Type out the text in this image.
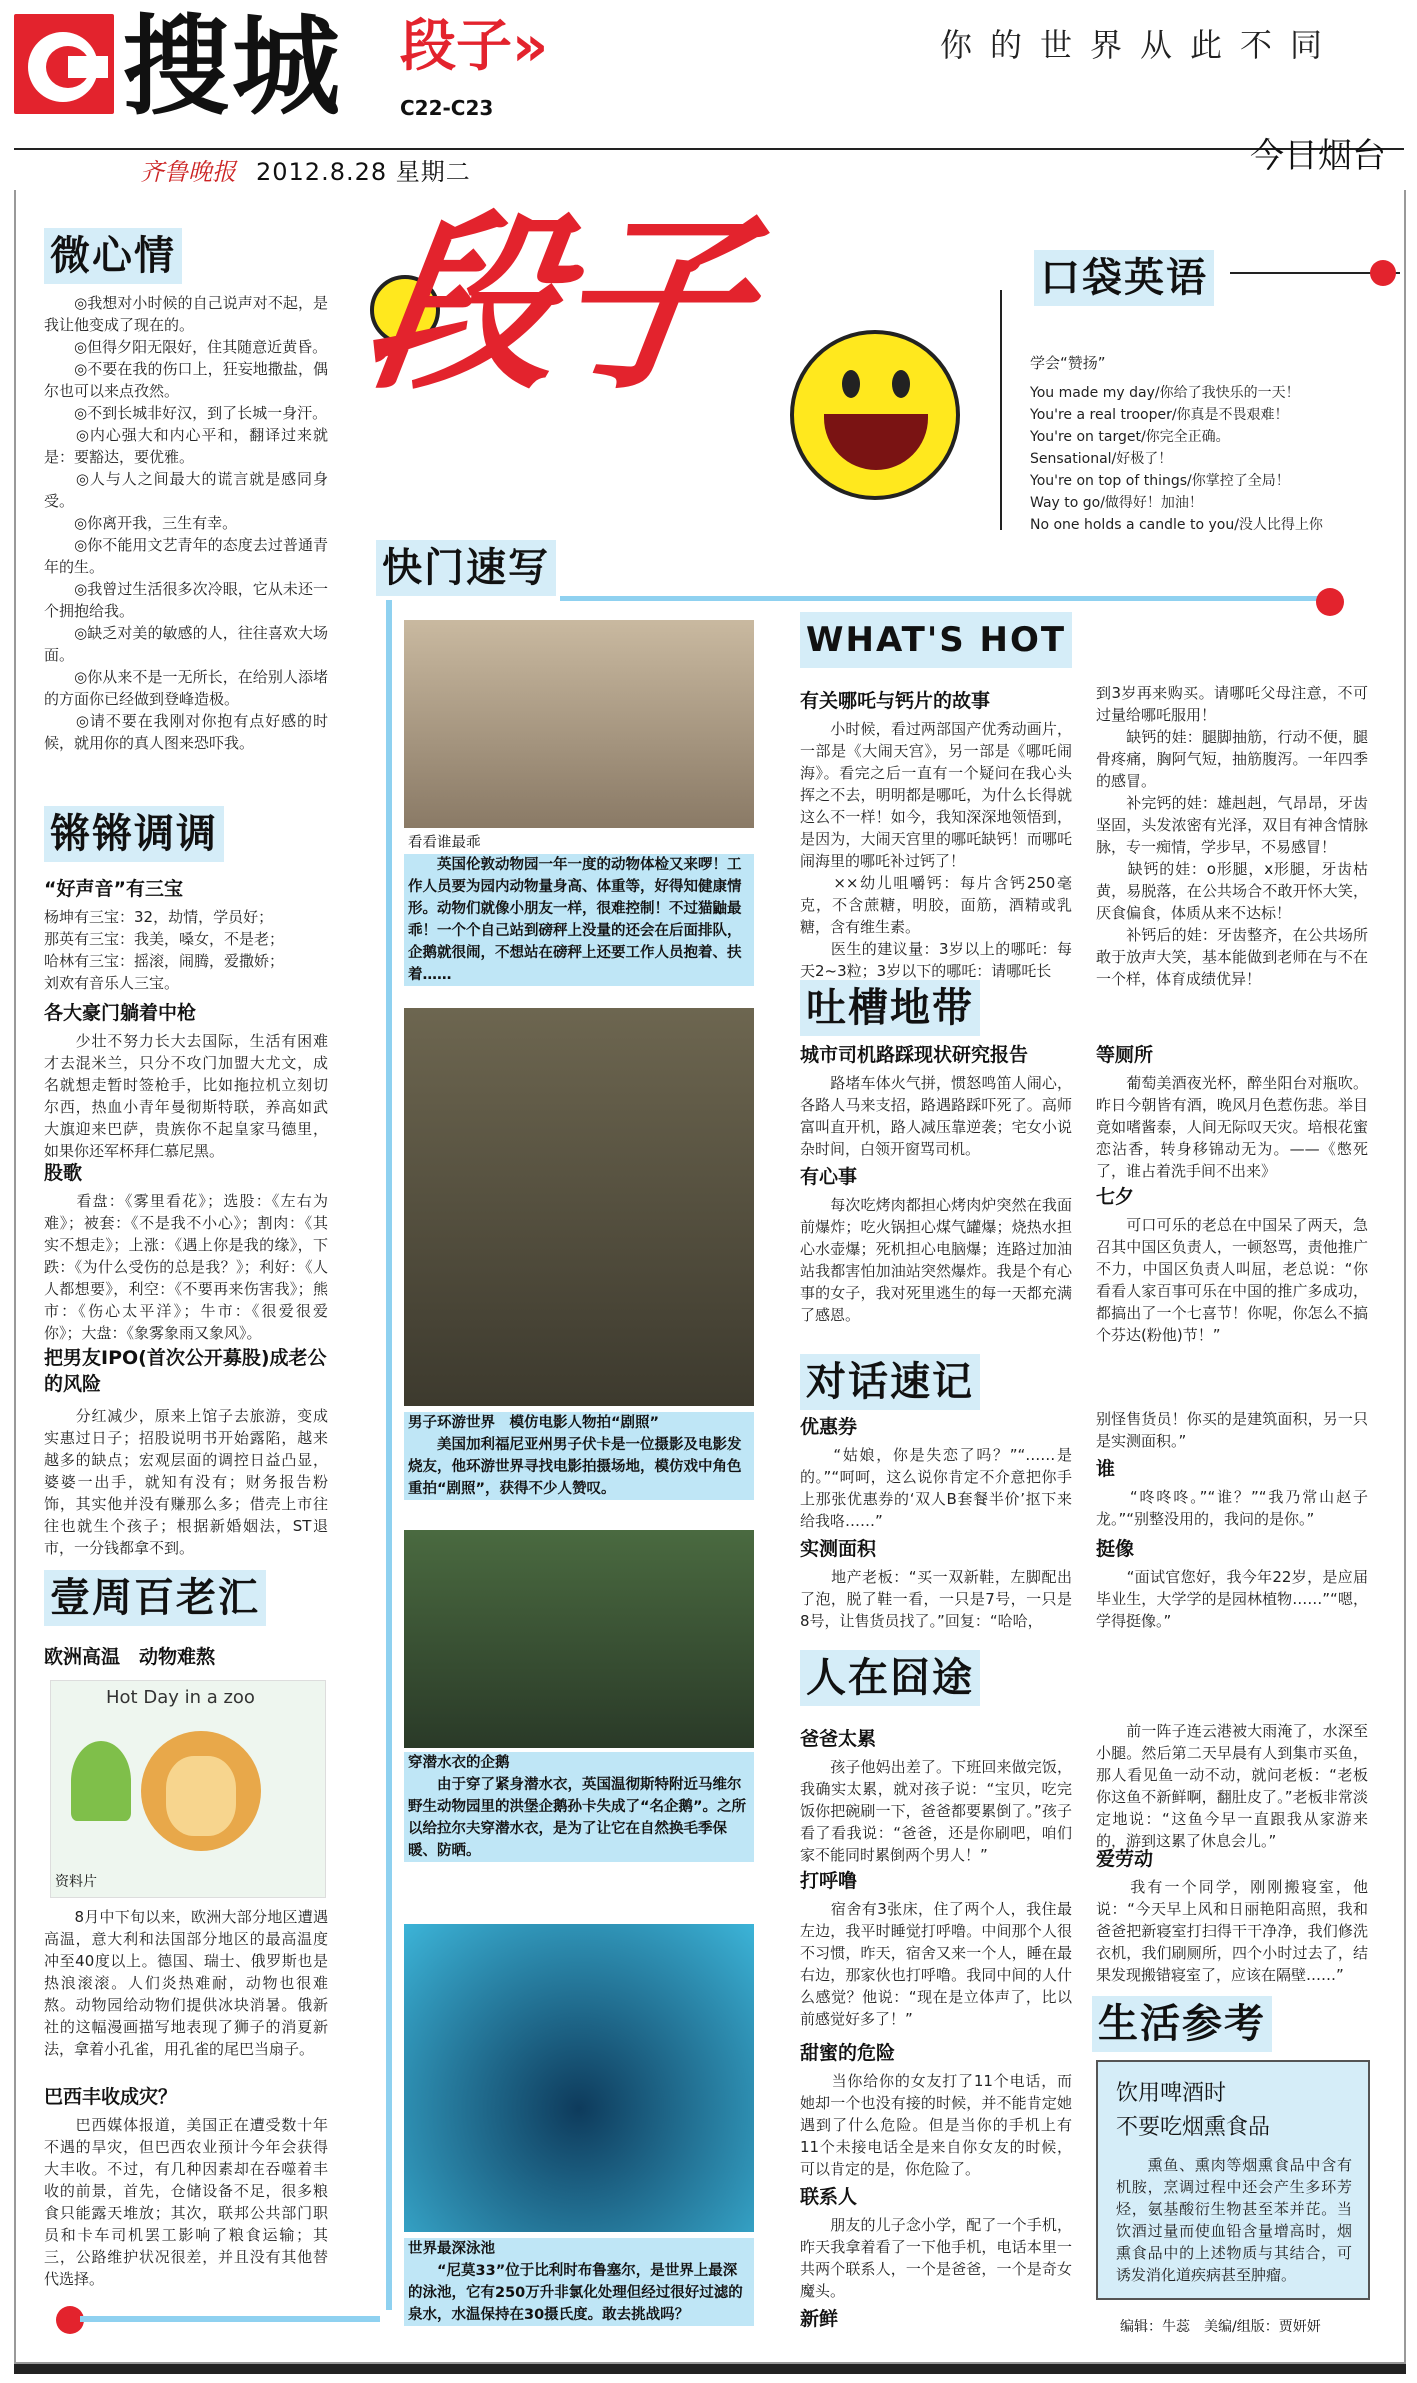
搜城 段子»
C22-C23
你的世界从此不同
齐鲁晚报 2012.8.28 星期二	今日烟台
微心情
　　◎我想对小时候的自己说声对不起，是我让他变成了现在的。
　　◎但得夕阳无限好，住其随意近黄昏。
　　◎不要在我的伤口上，狂妄地撒盐，偶尔也可以来点孜然。
　　◎不到长城非好汉，到了长城一身汗。
　　◎内心强大和内心平和，翻译过来就是：要豁达，要优雅。
　　◎人与人之间最大的谎言就是感同身受。
　　◎你离开我，三生有幸。
　　◎你不能用文艺青年的态度去过普通青年的生。
　　◎我曾过生活很多次冷眼，它从未还一个拥抱给我。
　　◎缺乏对美的敏感的人，往往喜欢大场面。
　　◎你从来不是一无所长，在给别人添堵的方面你已经做到登峰造极。
　　◎请不要在我刚对你抱有点好感的时候，就用你的真人图来恐吓我。
锵锵调调
“好声音”有三宝
杨坤有三宝：32，劫情，学员好；
那英有三宝：我美，嗓女，不是老；
哈林有三宝：摇滚，闹腾，爱撒娇；
刘欢有音乐人三宝。
各大豪门躺着中枪
　　少壮不努力长大去国际，生活有困难才去混米兰，只分不攻门加盟大尤文，成名就想走暂时签枪手，比如拖拉机立刻切尔西，热血小青年曼彻斯特联，养高如武大旗迎来巴萨，贵族你不起皇家马德里，如果你还军杯拜仁慕尼黑。
股歌
　　看盘：《雾里看花》；选股：《左右为难》；被套：《不是我不小心》；割肉：《其实不想走》；上涨：《遇上你是我的缘》，下跌：《为什么受伤的总是我？》；利好：《人人都想要》，利空：《不要再来伤害我》；熊市：《伤心太平洋》；牛市：《很爱很爱你》；大盘：《象雾象雨又象风》。
把男友IPO(首次公开募股)成老公的风险
　　分红减少，原来上馆子去旅游，变成实惠过日子；招股说明书开始露陷，越来越多的缺点；宏观层面的调控日益凸显，婆婆一出手，就知有没有；财务报告粉饰，其实他并没有赚那么多；借壳上市往往也就生个孩子；根据新婚姻法，ST退市，一分钱都拿不到。
壹周百老汇
欧洲高温　动物难熬
Hot Day in a zoo
资料片
　　8月中下旬以来，欧洲大部分地区遭遇高温，意大利和法国部分地区的最高温度冲至40度以上。德国、瑞士、俄罗斯也是热浪滚滚。人们炎热难耐，动物也很难熬。动物园给动物们提供冰块消暑。俄新社的这幅漫画描写地表现了狮子的消夏新法，拿着小孔雀，用孔雀的尾巴当扇子。
巴西丰收成灾？
　　巴西媒体报道，美国正在遭受数十年不遇的旱灾，但巴西农业预计今年会获得大丰收。不过，有几种因素却在吞噬着丰收的前景，首先，仓储设备不足，很多粮食只能露天堆放；其次，联邦公共部门职员和卡车司机罢工影响了粮食运输；其三，公路维护状况很差，并且没有其他替代选择。
段子	口袋英语
学会“赞扬”
You made my day/你给了我快乐的一天！
You're a real trooper/你真是不畏艰难！
You're on target/你完全正确。
Sensational/好极了！
You're on top of things/你掌控了全局！
Way to go/做得好！加油！
No one holds a candle to you/没人比得上你
快门速写
看看谁最乖
　　英国伦敦动物园一年一度的动物体检又来啰！工作人员要为园内动物量身高、体重等，好得知健康情形。动物们就像小朋友一样，很难控制！不过猫鼬最乖！一个个自己站到磅秤上没量的还会在后面排队，企鹅就很闹，不想站在磅秤上还要工作人员抱着、扶着……
男子环游世界　模仿电影人物拍“剧照”
　　美国加利福尼亚州男子伏卡是一位摄影及电影发烧友，他环游世界寻找电影拍摄场地，模仿戏中角色重拍“剧照”，获得不少人赞叹。
穿潜水衣的企鹅
　　由于穿了紧身潜水衣，英国温彻斯特附近马维尔野生动物园里的洪堡企鹅孙卡失成了“名企鹅”。之所以给拉尔夫穿潜水衣，是为了让它在自然换毛季保暖、防晒。
世界最深泳池
　　“尼莫33”位于比利时布鲁塞尔，是世界上最深的泳池，它有250万升非氯化处理但经过很好过滤的泉水，水温保持在30摄氏度。敢去挑战吗？
WHAT'S HOT
有关哪吒与钙片的故事
　　小时候，看过两部国产优秀动画片，一部是《大闹天宫》，另一部是《哪吒闹海》。看完之后一直有一个疑问在我心头挥之不去，明明都是哪吒，为什么长得就这么不一样！如今，我知深深地领悟到，是因为，大闹天宫里的哪吒缺钙！而哪吒闹海里的哪吒补过钙了！
　　××幼儿咀嚼钙：每片含钙250毫克，不含蔗糖，明胶，面筋，酒精或乳糖，含有维生素。
　　医生的建议量：3岁以上的哪吒：每天2~3粒；3岁以下的哪吒：请哪吒长
到3岁再来购买。请哪吒父母注意，不可过量给哪吒服用！
　　缺钙的娃：腿脚抽筋，行动不便，腿骨疼痛，胸阿气短，抽筋腹泻。一年四季的感冒。
　　补完钙的娃：雄赳赳，气昂昂，牙齿坚固，头发浓密有光泽，双目有神含情脉脉，专一痴情，学步早，不易感冒！
　　缺钙的娃：o形腿，x形腿，牙齿枯黄，易脱落，在公共场合不敢开怀大笑，厌食偏食，体质从来不达标！
　　补钙后的娃：牙齿整齐，在公共场所敢于放声大笑，基本能做到老师在与不在一个样，体育成绩优异！
吐槽地带
城市司机路踩现状研究报告
　　路堵车体火气拼，惯怒鸣笛人闹心，各路人马来支招，路遇路踩吓死了。高师富叫直开机，路人减压靠逆袭；宅女小说杂时间，白领开窗骂司机。
有心事
　　每次吃烤肉都担心烤肉炉突然在我面前爆炸；吃火锅担心煤气罐爆；烧热水担心水壶爆；死机担心电脑爆；连路过加油站我都害怕加油站突然爆炸。我是个有心事的女子，我对死里逃生的每一天都充满了感恩。
等厕所
　　葡萄美酒夜光杯，醉坐阳台对瓶吹。昨日今朝皆有酒，晚风月色惹伤悲。举目竟如嗜酱泰，人间无际叹天灾。培根花蜜恋沾香，转身移锦动无为。——《憋死了，谁占着洗手间不出来》
七夕
　　可口可乐的老总在中国呆了两天，急召其中国区负责人，一顿怒骂，责他推广不力，中国区负责人叫屈，老总说：“你看看人家百事可乐在中国的推广多成功，都搞出了一个七喜节！你呢，你怎么不搞个芬达(粉他)节！”
对话速记
优惠券
　　“姑娘，你是失恋了吗？”“……是的。”“呵呵，这么说你肯定不介意把你手上那张优惠券的‘双人B套餐半价’抠下来给我咯……”
实测面积
　　地产老板：“买一双新鞋，左脚配出了泡，脱了鞋一看，一只是7号，一只是8号，让售货员找了。”回复：“哈哈，
别怪售货员！你买的是建筑面积，另一只是实测面积。”
谁
　　“咚咚咚。”“谁？”“我乃常山赵子龙。”“别整没用的，我问的是你。”
挺像
　　“面试官您好，我今年22岁，是应届毕业生，大学学的是园林植物……”“嗯，学得挺像。”
人在囧途
爸爸太累
　　孩子他妈出差了。下班回来做完饭，我确实太累，就对孩子说：“宝贝，吃完饭你把碗刷一下，爸爸都要累倒了。”孩子看了看我说：“爸爸，还是你刷吧，咱们家不能同时累倒两个男人！”
打呼噜
　　宿舍有3张床，住了两个人，我住最左边，我平时睡觉打呼噜。中间那个人很不习惯，昨天，宿舍又来一个人，睡在最右边，那家伙也打呼噜。我同中间的人什么感觉？他说：“现在是立体声了，比以前感觉好多了！”
甜蜜的危险
　　当你给你的女友打了11个电话，而她却一个也没有接的时候，并不能肯定她遇到了什么危险。但是当你的手机上有11个未接电话全是来自你女友的时候，可以肯定的是，你危险了。
联系人
　　朋友的儿子念小学，配了一个手机，昨天我拿着看了一下他手机，电话本里一共两个联系人，一个是爸爸，一个是奇女魔头。
新鲜
　　前一阵子连云港被大雨淹了，水深至小腿。然后第二天早晨有人到集市买鱼，那人看见鱼一动不动，就问老板：“老板你这鱼不新鲜啊，翻肚皮了。”老板非常淡定地说：“这鱼今早一直跟我从家游来的，游到这累了休息会儿。”
爱劳动
　　我有一个同学，刚刚搬寝室，他说：“今天早上风和日丽艳阳高照，我和爸爸把新寝室打扫得干干净净，我们修洗衣机，我们刷厕所，四个小时过去了，结果发现搬错寝室了，应该在隔壁……”
生活参考
饮用啤酒时
不要吃烟熏食品
　　熏鱼、熏肉等烟熏食品中含有机胺，烹调过程中还会产生多环芳烃，氨基酸衍生物甚至苯并芘。当饮酒过量而使血铅含量增高时，烟熏食品中的上述物质与其结合，可诱发消化道疾病甚至肿瘤。
编辑：牛蕊　美编/组版：贾妍妍
